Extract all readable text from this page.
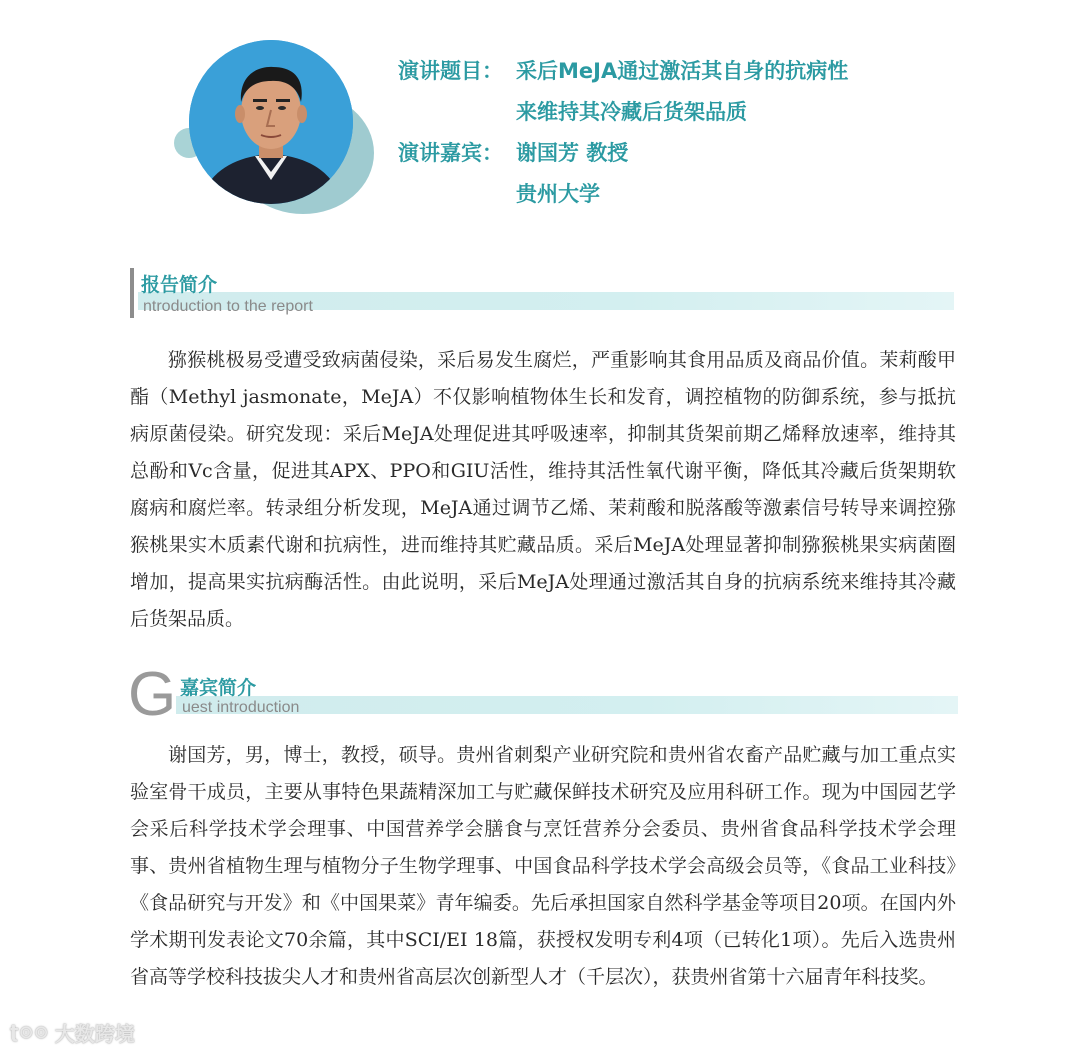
演讲题目： 采后MeJA通过激活其自身的抗病性
来维持其冷藏后货架品质
演讲嘉宾： 谢国芳 教授
贵州大学
报告简介
ntroduction to the report
猕猴桃极易受遭受致病菌侵染，采后易发生腐烂，严重影响其食用品质及商品价值。茉莉酸甲酯（Methyl jasmonate，MeJA）不仅影响植物体生长和发育，调控植物的防御系统，参与抵抗病原菌侵染。研究发现：采后MeJA处理促进其呼吸速率，抑制其货架前期乙烯释放速率，维持其总酚和Vc含量，促进其APX、PPO和GIU活性，维持其活性氧代谢平衡，降低其冷藏后货架期软腐病和腐烂率。转录组分析发现，MeJA通过调节乙烯、茉莉酸和脱落酸等激素信号转导来调控猕猴桃果实木质素代谢和抗病性，进而维持其贮藏品质。采后MeJA处理显著抑制猕猴桃果实病菌圈增加，提高果实抗病酶活性。由此说明，采后MeJA处理通过激活其自身的抗病系统来维持其冷藏后货架品质。
G 嘉宾简介
uest introduction
谢国芳，男，博士，教授，硕导。贵州省刺梨产业研究院和贵州省农畜产品贮藏与加工重点实验室骨干成员，主要从事特色果蔬精深加工与贮藏保鲜技术研究及应用科研工作。现为中国园艺学会采后科学技术学会理事、中国营养学会膳食与烹饪营养分会委员、贵州省食品科学技术学会理事、贵州省植物生理与植物分子生物学理事、中国食品科学技术学会高级会员等，《食品工业科技》《食品研究与开发》和《中国果菜》青年编委。先后承担国家自然科学基金等项目20项。在国内外学术期刊发表论文70余篇，其中SCI/EI 18篇，获授权发明专利4项（已转化1项）。先后入选贵州省高等学校科技拔尖人才和贵州省高层次创新型人才（千层次），获贵州省第十六届青年科技奖。
ʈ⊙⊙ 大数跨境
